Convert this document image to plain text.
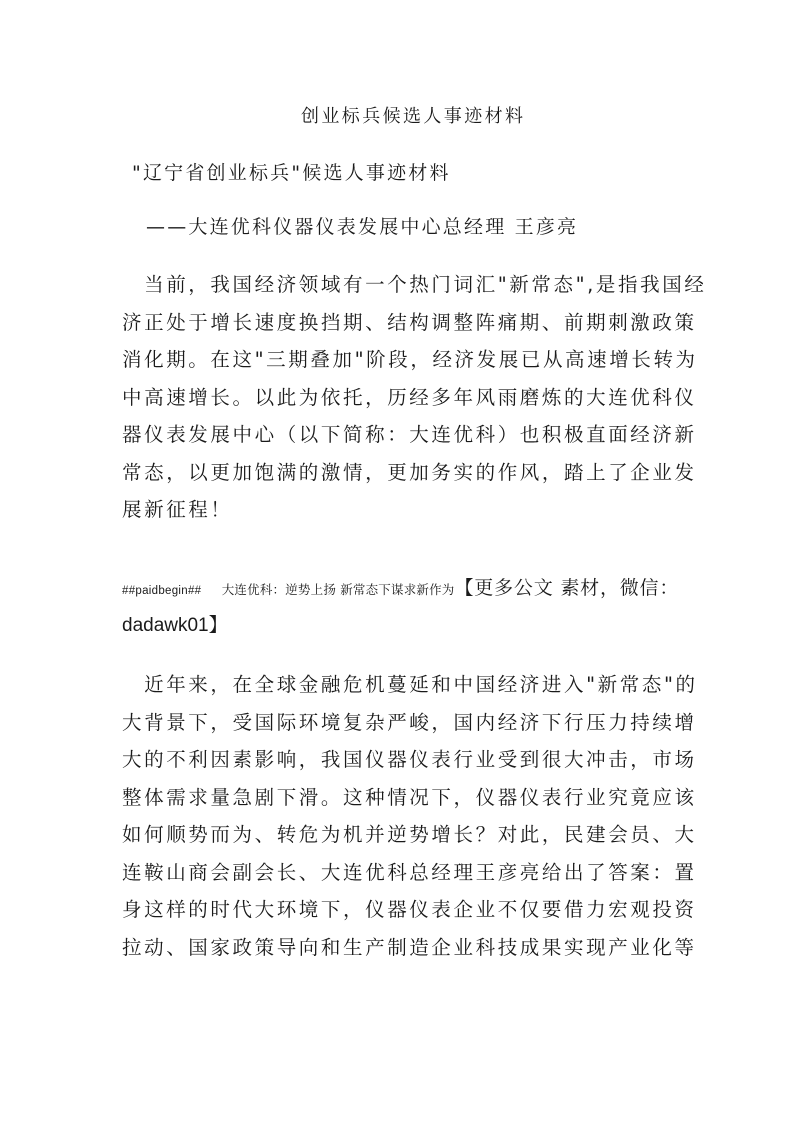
创业标兵候选人事迹材料
"辽宁省创业标兵"候选人事迹材料
——大连优科仪器仪表发展中心总经理 王彦亮
　当前，我国经济领域有一个热门词汇"新常态",是指我国经
济正处于增长速度换挡期、结构调整阵痛期、前期刺激政策
消化期。在这"三期叠加"阶段，经济发展已从高速增长转为
中高速增长。以此为依托，历经多年风雨磨炼的大连优科仪
器仪表发展中心（以下简称：大连优科）也积极直面经济新
常态，以更加饱满的激情，更加务实的作风，踏上了企业发
展新征程！
##paidbegin## 大连优科：逆势上扬 新常态下谋求新作为【更多公文 素材，微信：
dadawk01】
　近年来，在全球金融危机蔓延和中国经济进入"新常态"的
大背景下，受国际环境复杂严峻，国内经济下行压力持续增
大的不利因素影响，我国仪器仪表行业受到很大冲击，市场
整体需求量急剧下滑。这种情况下，仪器仪表行业究竟应该
如何顺势而为、转危为机并逆势增长？对此，民建会员、大
连鞍山商会副会长、大连优科总经理王彦亮给出了答案：置
身这样的时代大环境下，仪器仪表企业不仅要借力宏观投资
拉动、国家政策导向和生产制造企业科技成果实现产业化等
